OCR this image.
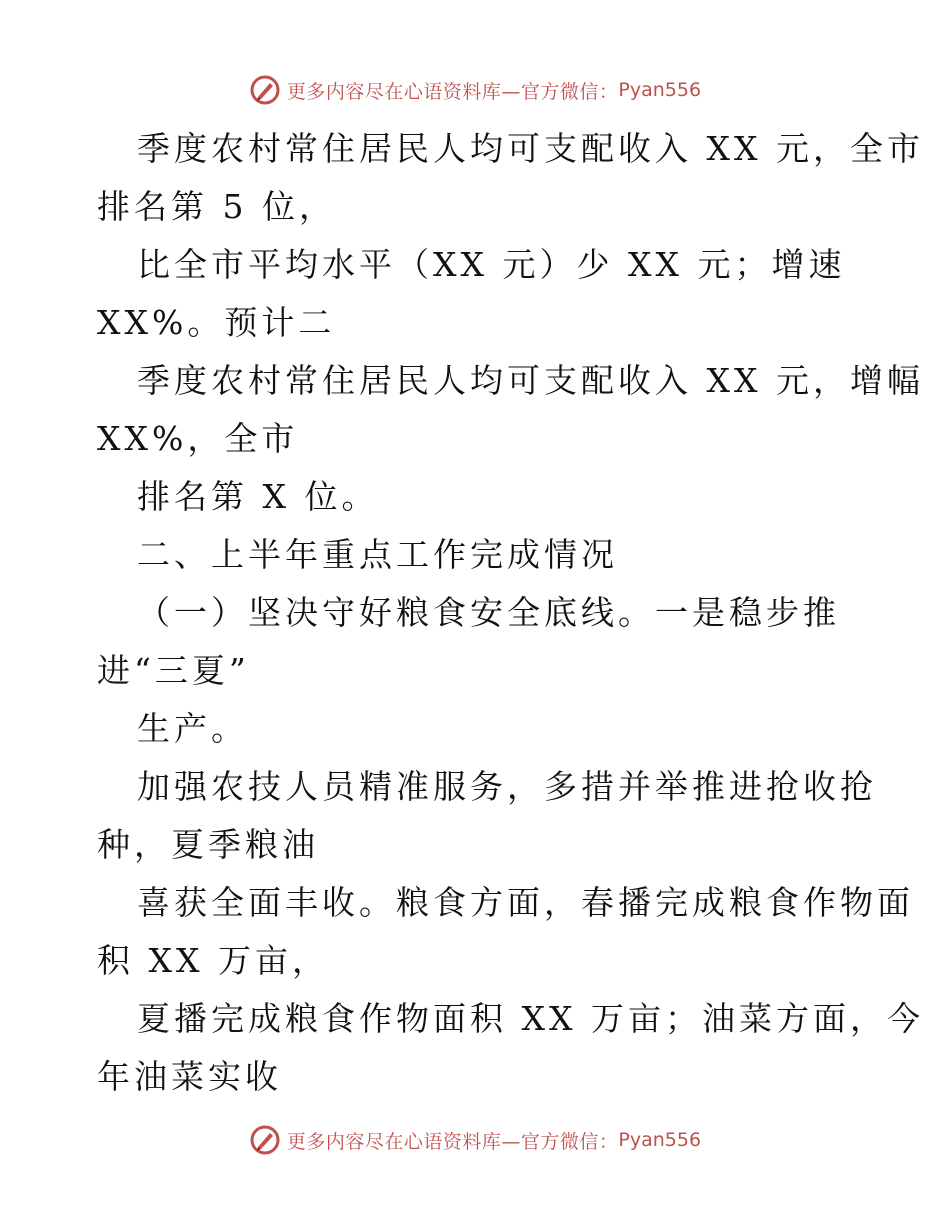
更多内容尽在心语资料库—官方微信： Pyan556
季度农村常住居民人均可支配收入 XX 元，全市
排名第 5 位，
比全市平均水平（XX 元）少 XX 元；增速
XX%。预计二
季度农村常住居民人均可支配收入 XX 元，增幅
XX%，全市
排名第 X 位。
二、上半年重点工作完成情况
（一）坚决守好粮食安全底线。一是稳步推
进“三夏”
生产。
加强农技人员精准服务，多措并举推进抢收抢
种，夏季粮油
喜获全面丰收。粮食方面，春播完成粮食作物面
积 XX 万亩，
夏播完成粮食作物面积 XX 万亩；油菜方面，今
年油菜实收
更多内容尽在心语资料库—官方微信： Pyan556
